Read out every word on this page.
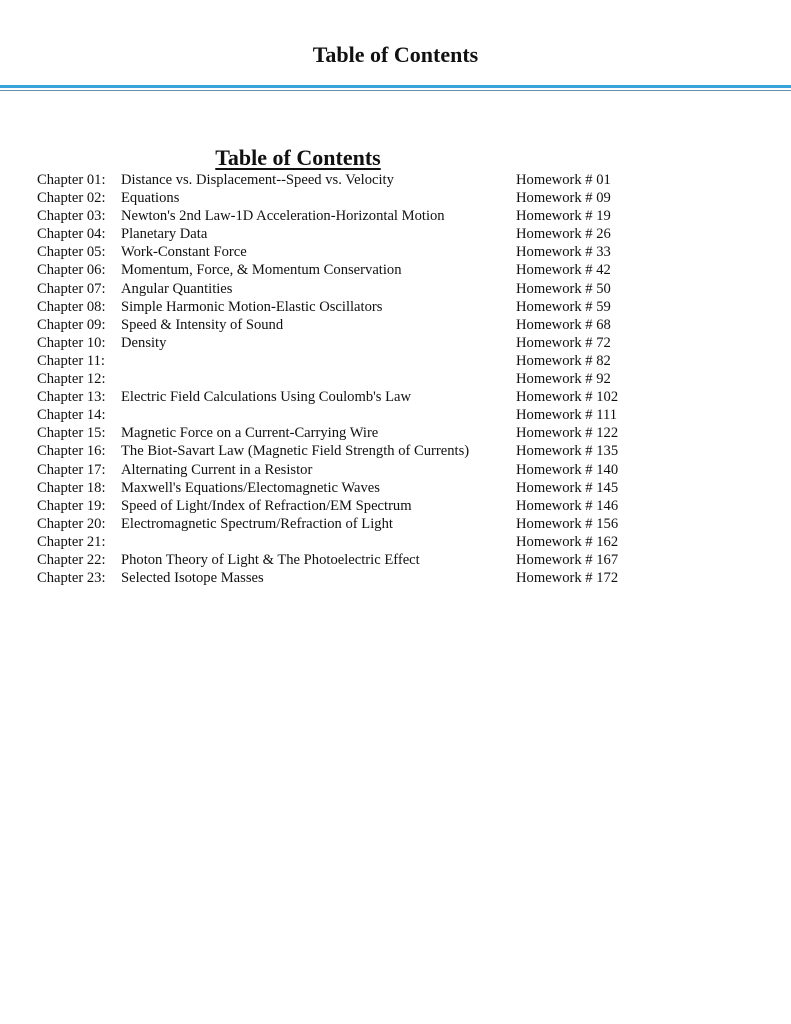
Table of Contents
Table of Contents
Chapter 01: Distance vs. Displacement--Speed vs. Velocity	Homework # 01
Chapter 02: Equations	Homework # 09
Chapter 03: Newton's 2nd Law-1D Acceleration-Horizontal Motion	Homework # 19
Chapter 04: Planetary Data	Homework # 26
Chapter 05: Work-Constant Force	Homework # 33
Chapter 06: Momentum, Force, & Momentum Conservation	Homework # 42
Chapter 07: Angular Quantities	Homework # 50
Chapter 08: Simple Harmonic Motion-Elastic Oscillators	Homework # 59
Chapter 09: Speed & Intensity of Sound	Homework # 68
Chapter 10: Density	Homework # 72
Chapter 11:	Homework # 82
Chapter 12:	Homework # 92
Chapter 13: Electric Field Calculations Using Coulomb's Law	Homework # 102
Chapter 14:	Homework # 111
Chapter 15: Magnetic Force on a Current-Carrying Wire	Homework # 122
Chapter 16: The Biot-Savart Law (Magnetic Field Strength of Currents)	Homework # 135
Chapter 17: Alternating Current in a Resistor	Homework # 140
Chapter 18: Maxwell's Equations/Electomagnetic Waves	Homework # 145
Chapter 19: Speed of Light/Index of Refraction/EM Spectrum	Homework # 146
Chapter 20: Electromagnetic Spectrum/Refraction of Light	Homework # 156
Chapter 21:	Homework # 162
Chapter 22: Photon Theory of Light & The Photoelectric Effect	Homework # 167
Chapter 23: Selected Isotope Masses	Homework # 172
